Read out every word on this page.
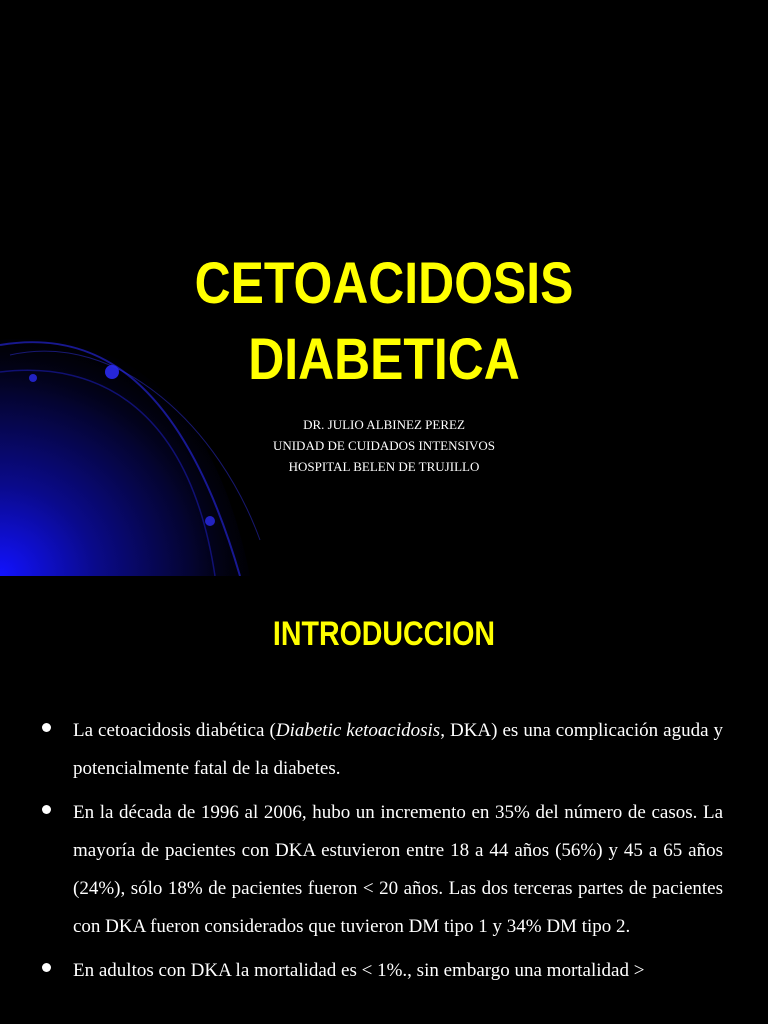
CETOACIDOSIS DIABETICA
DR. JULIO ALBINEZ PEREZ
UNIDAD DE CUIDADOS INTENSIVOS
HOSPITAL BELEN DE TRUJILLO
INTRODUCCION
La cetoacidosis diabética (Diabetic ketoacidosis, DKA) es una complicación aguda y potencialmente fatal de la diabetes.
En la década de 1996 al 2006, hubo un incremento en 35% del número de casos. La mayoría de pacientes con DKA estuvieron entre 18 a 44 años (56%) y 45 a 65 años (24%), sólo 18% de pacientes fueron < 20 años. Las dos terceras partes de pacientes con DKA fueron considerados que tuvieron DM tipo 1 y 34% DM tipo 2.
En adultos con DKA la mortalidad es < 1%., sin embargo una mortalidad >
